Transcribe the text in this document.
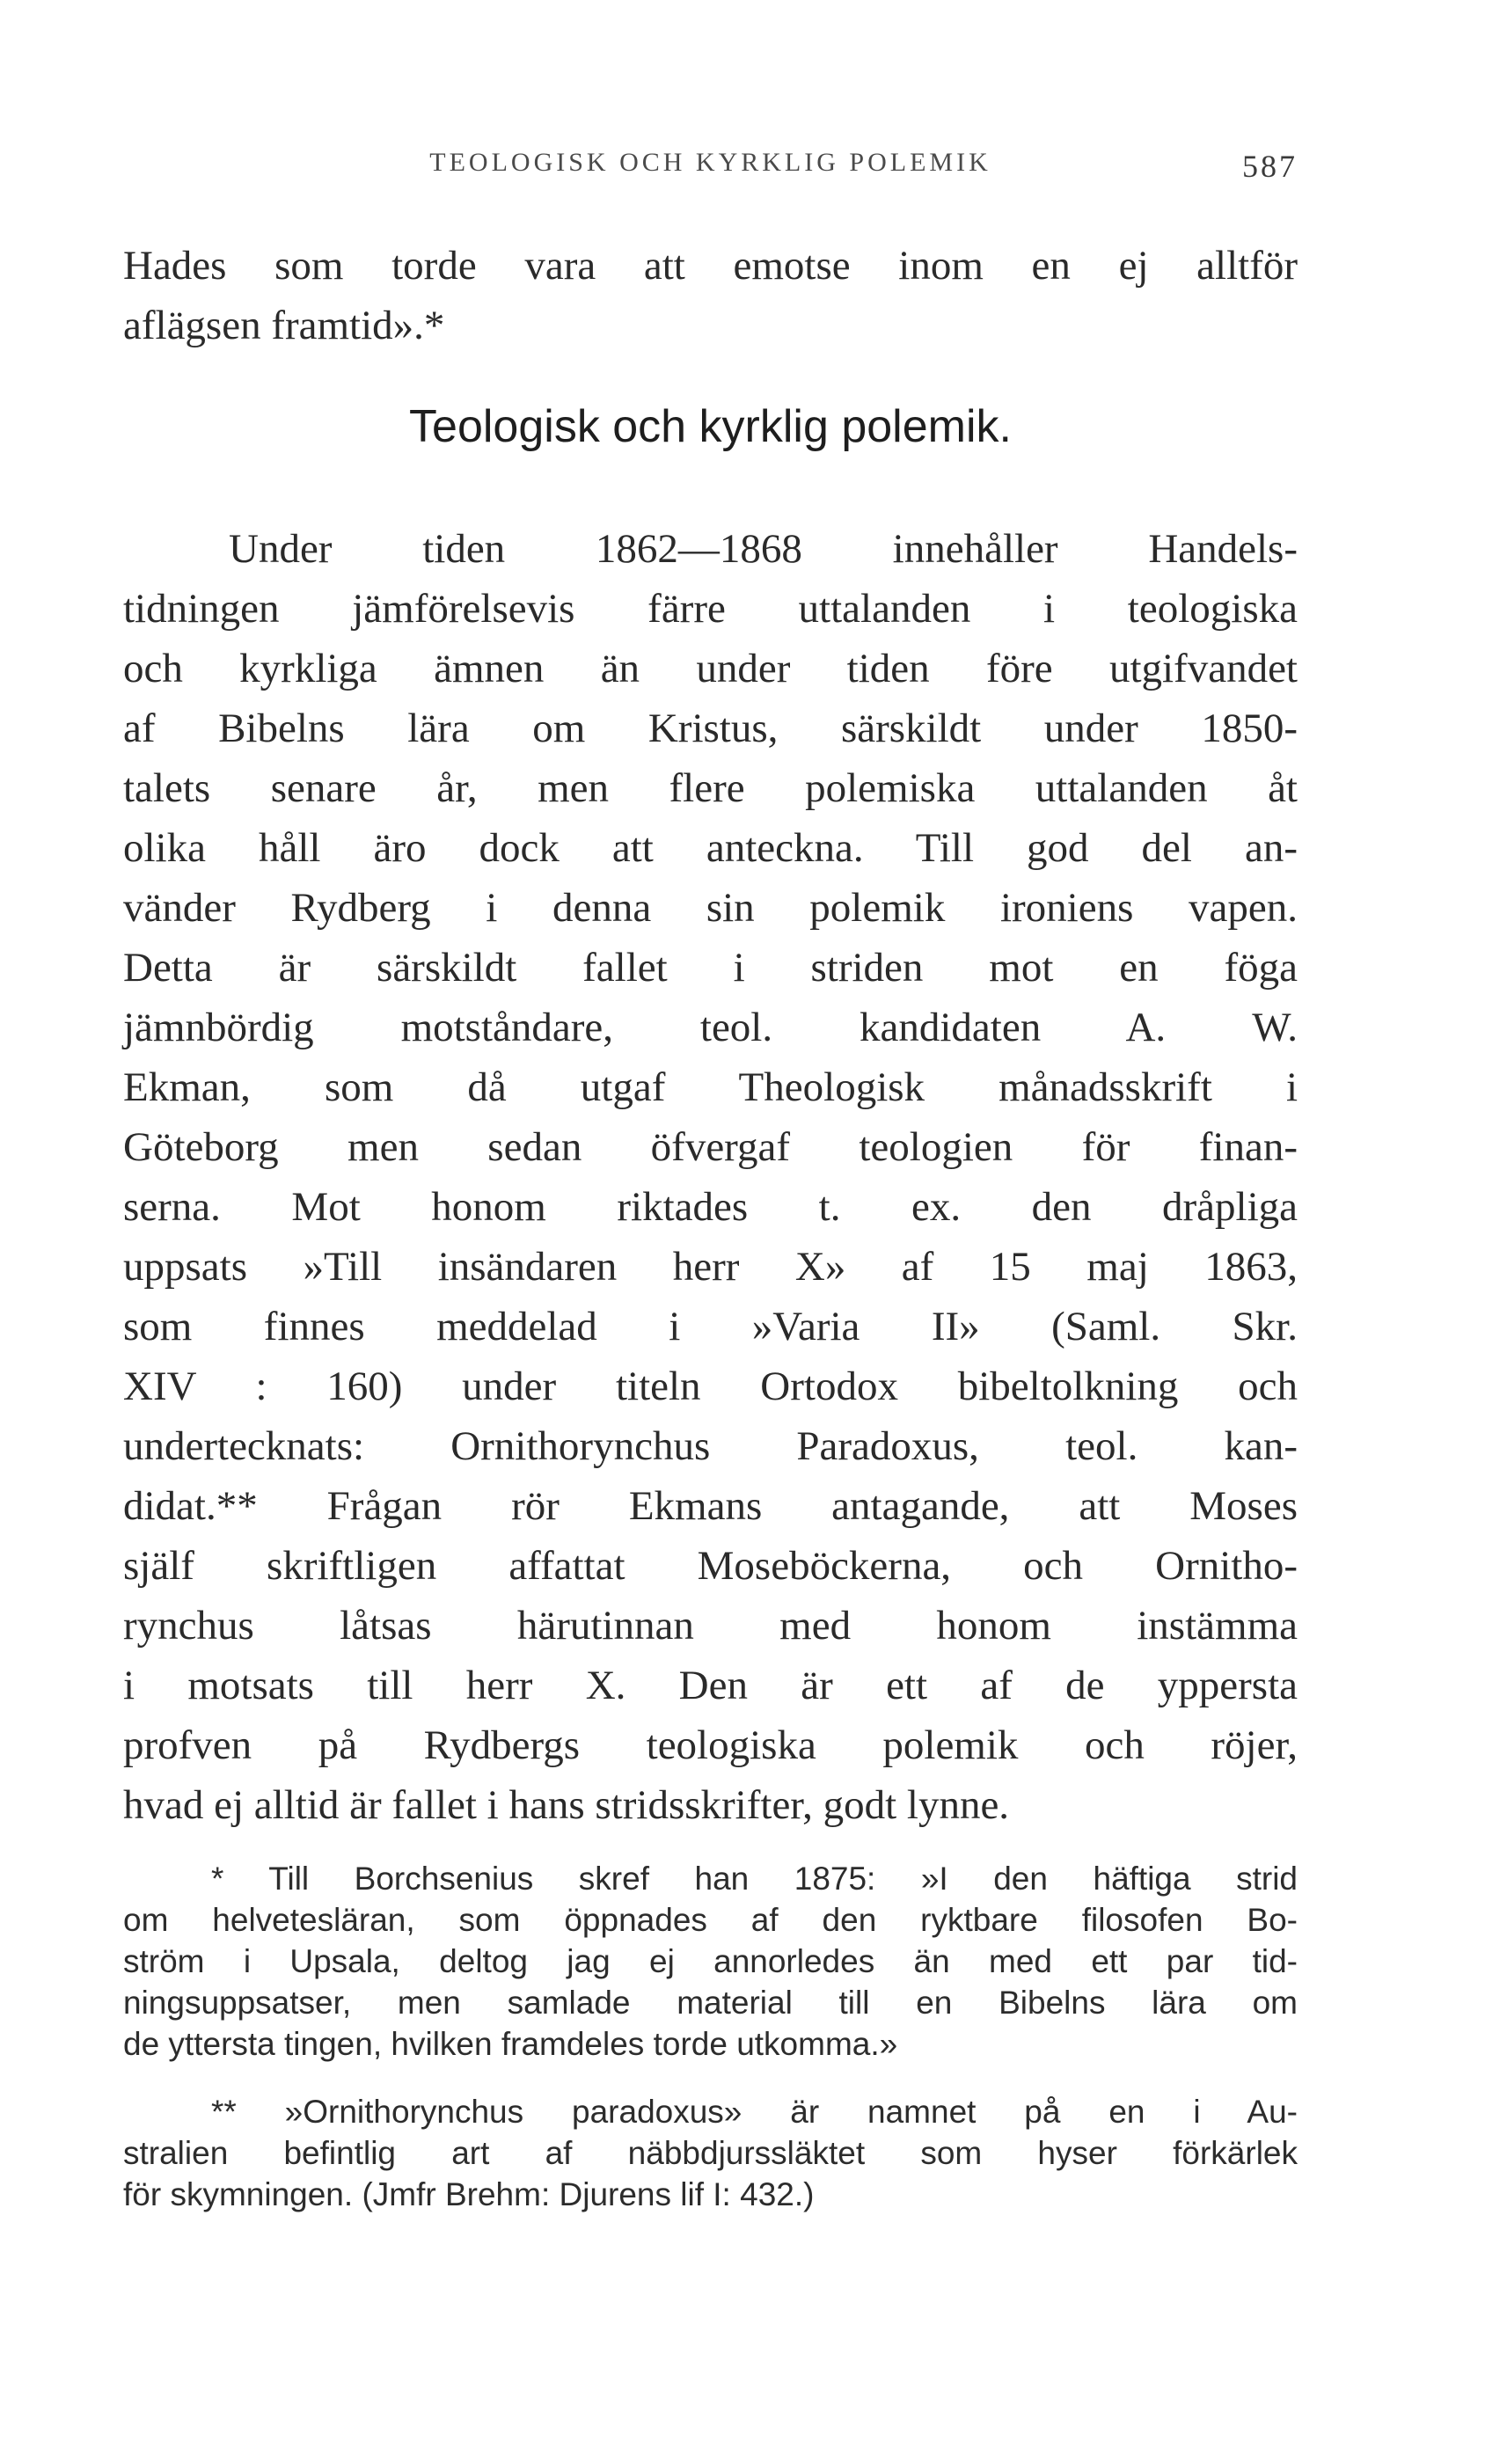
TEOLOGISK OCH KYRKLIG POLEMIK	587
Hades som torde vara att emotse inom en ej alltför
aflägsen framtid».*
Teologisk och kyrklig polemik.
Under tiden 1862—1868 innehåller Handels-
tidningen jämförelsevis färre uttalanden i teologiska
och kyrkliga ämnen än under tiden före utgifvandet
af Bibelns lära om Kristus, särskildt under 1850-
talets senare år, men flere polemiska uttalanden åt
olika håll äro dock att anteckna. Till god del an-
vänder Rydberg i denna sin polemik ironiens vapen.
Detta är särskildt fallet i striden mot en föga
jämnbördig motståndare, teol. kandidaten A. W.
Ekman, som då utgaf Theologisk månadsskrift i
Göteborg men sedan öfvergaf teologien för finan-
serna. Mot honom riktades t. ex. den dråpliga
uppsats »Till insändaren herr X» af 15 maj 1863,
som finnes meddelad i »Varia II» (Saml. Skr.
XIV : 160) under titeln Ortodox bibeltolkning och
undertecknats: Ornithorynchus Paradoxus, teol. kan-
didat.** Frågan rör Ekmans antagande, att Moses
själf skriftligen affattat Moseböckerna, och Ornitho-
rynchus låtsas härutinnan med honom instämma
i motsats till herr X. Den är ett af de yppersta
profven på Rydbergs teologiska polemik och röjer,
hvad ej alltid är fallet i hans stridsskrifter, godt lynne.
* Till Borchsenius skref han 1875: »I den häftiga strid
om helvetesläran, som öppnades af den ryktbare filosofen Bo-
ström i Upsala, deltog jag ej annorledes än med ett par tid-
ningsuppsatser, men samlade material till en Bibelns lära om
de yttersta tingen, hvilken framdeles torde utkomma.»
** »Ornithorynchus paradoxus» är namnet på en i Au-
stralien befintlig art af näbbdjurssläktet som hyser förkärlek
för skymningen. (Jmfr Brehm: Djurens lif I: 432.)
